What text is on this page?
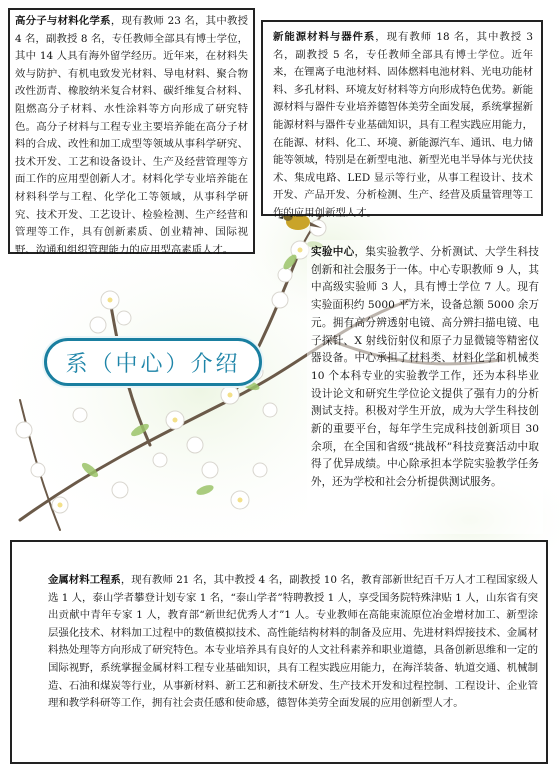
高分子与材料化学系，现有教师 23 名，其中教授 4 名，副教授 8 名，专任教师全部具有博士学位，其中 14 人具有海外留学经历。近年来，在材料失效与防护、有机电致发光材料、导电材料、聚合物改性沥青、橡胶纳米复合材料、碳纤维复合材料、阻燃高分子材料、水性涂料等方向形成了研究特色。高分子材料与工程专业主要培养能在高分子材料的合成、改性和加工成型等领域从事科学研究、技术开发、工艺和设备设计、生产及经营管理等方面工作的应用型创新人才。材料化学专业培养能在材料科学与工程、化学化工等领域，从事科学研究、技术开发、工艺设计、检验检测、生产经营和管理等工作，具有创新素质、创业精神、国际视野、沟通和组织管理能力的应用型高素质人才。
新能源材料与器件系，现有教师 18 名，其中教授 3 名，副教授 5 名，专任教师全部具有博士学位。近年来，在锂离子电池材料、固体燃料电池材料、光电功能材料、多孔材料、环境友好材料等方向形成特色优势。新能源材料与器件专业培养德智体美劳全面发展，系统掌握新能源材料与器件专业基础知识，具有工程实践应用能力，在能源、材料、化工、环境、新能源汽车、通讯、电力储能等领域，特别是在新型电池、新型光电半导体与光伏技术、集成电路、LED 显示等行业，从事工程设计、技术开发、产品开发、分析检测、生产、经营及质量管理等工作的应用创新型人才。
系（中心）介绍
实验中心，集实验教学、分析测试、大学生科技创新和社会服务于一体。中心专职教师 9 人，其中高级实验师 3 人，具有博士学位 7 人。现有实验面积约 5000 平方米，设备总额 5000 余万元。拥有高分辨透射电镜、高分辨扫描电镜、电子探针、X 射线衍射仪和原子力显微镜等精密仪器设备。中心承担了材料类、材料化学和机械类 10 个本科专业的实验教学工作，还为本科毕业设计论文和研究生学位论文提供了强有力的分析测试支持。积极对学生开放，成为大学生科技创新的重要平台，每年学生完成科技创新项目 30 余项，在全国和省级“挑战杯”科技竞赛活动中取得了优异成绩。中心除承担本学院实验教学任务外，还为学校和社会分析提供测试服务。
金属材料工程系，现有教师 21 名，其中教授 4 名，副教授 10 名，教育部新世纪百千万人才工程国家级人选 1 人，泰山学者攀登计划专家 1 名，“泰山学者”特聘教授 1 人，享受国务院特殊津贴 1 人，山东省有突出贡献中青年专家 1 人，教育部“新世纪优秀人才”1 人。专业教师在高能束流原位冶金增材加工、新型涂层强化技术、材料加工过程中的数值模拟技术、高性能结构材料的制备及应用、先进材料焊接技术、金属材料热处理等方向形成了研究特色。本专业培养具有良好的人文社科素养和职业道德，具备创新思维和一定的国际视野，系统掌握金属材料工程专业基础知识，具有工程实践应用能力，在海洋装备、轨道交通、机械制造、石油和煤炭等行业，从事新材料、新工艺和新技术研发、生产技术开发和过程控制、工程设计、企业管理和教学科研等工作，拥有社会责任感和使命感，德智体美劳全面发展的应用创新型人才。
